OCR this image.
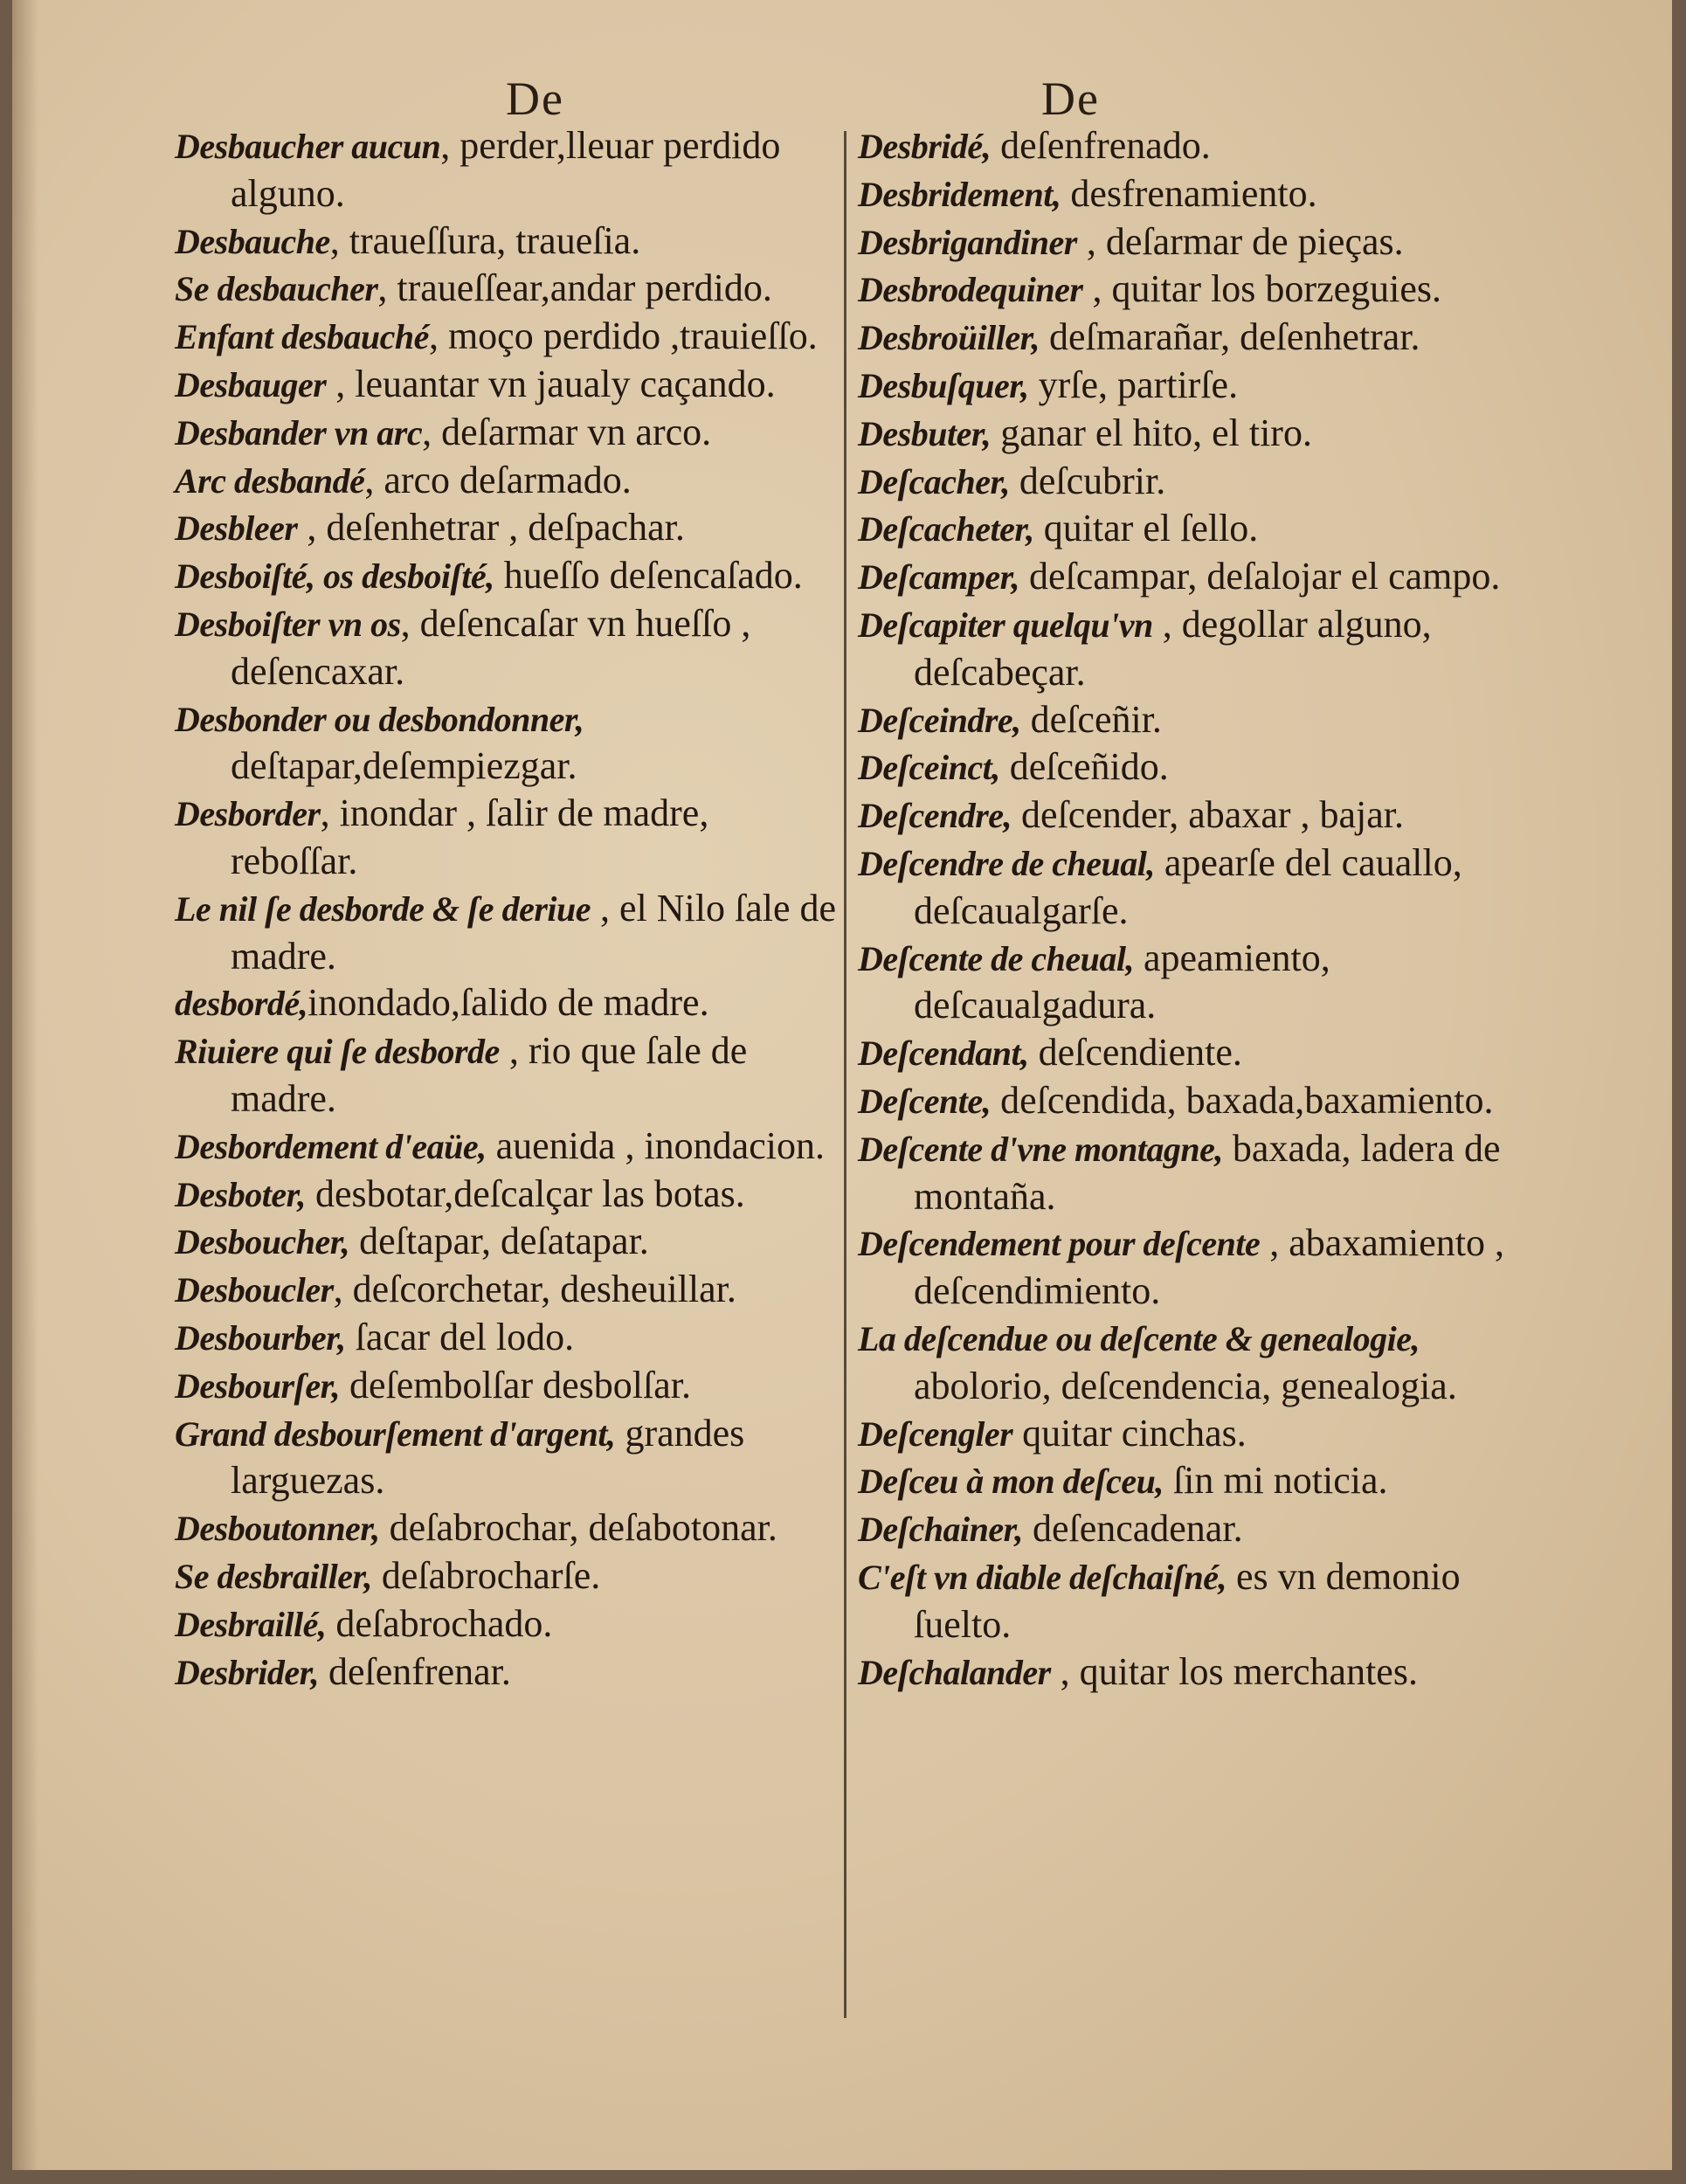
De	De

Desbaucher aucun, perder,lleuar perdido alguno.

Desbauche, traueſſura, traueſia.

Se desbaucher, traueſſear,andar perdido.

Enfant desbauché, moço perdido ,trauieſſo.

Desbauger , leuantar vn jaualy caçando.

Desbander vn arc, deſarmar vn arco.

Arc desbandé, arco deſarmado.

Desbleer , deſenhetrar , deſpachar.

Desboiſté, os desboiſté, hueſſo deſencaſado.

Desboiſter vn os, deſencaſar vn hueſſo , deſencaxar.

Desbonder ou desbondonner, deſtapar,deſempiezgar.

Desborder, inondar , ſalir de madre, reboſſar.

Le nil ſe desborde & ſe deriue , el Nilo ſale de madre.

desbordé,inondado,ſalido de madre.

Riuiere qui ſe desborde , rio que ſale de madre.

Desbordement d'eaüe, auenida , inondacion.

Desboter, desbotar,deſcalçar las botas.

Desboucher, deſtapar, deſatapar.

Desboucler, deſcorchetar, desheuillar.

Desbourber, ſacar del lodo.

Desbourſer, deſembolſar desbolſar.

Grand desbourſement d'argent, grandes larguezas.

Desboutonner, deſabrochar, deſabotonar.

Se desbrailler, deſabrocharſe.

Desbraillé, deſabrochado.

Desbrider, deſenfrenar.

Desbridé, deſenfrenado.

Desbridement, desfrenamiento.

Desbrigandiner , deſarmar de pieças.

Desbrodequiner , quitar los borzeguies.

Desbroüiller, deſmarañar, deſenhetrar.

Desbuſquer, yrſe, partirſe.

Desbuter, ganar el hito, el tiro.

Deſcacher, deſcubrir.

Deſcacheter, quitar el ſello.

Deſcamper, deſcampar, deſalojar el campo.

Deſcapiter quelqu'vn , degollar alguno, deſcabeçar.

Deſceindre, deſceñir.

Deſceinct, deſceñido.

Deſcendre, deſcender, abaxar , bajar.

Deſcendre de cheual, apearſe del cauallo, deſcaualgarſe.

Deſcente de cheual, apeamiento, deſcaualgadura.

Deſcendant, deſcendiente.

Deſcente, deſcendida, baxada,baxamiento.

Deſcente d'vne montagne, baxada, ladera de montaña.

Deſcendement pour deſcente , abaxamiento , deſcendimiento.

La deſcendue ou deſcente & genealogie, abolorio, deſcendencia, genealogia.

Deſcengler quitar cinchas.

Deſceu à mon deſceu, ſin mi noticia.

Deſchainer, deſencadenar.

C'eſt vn diable deſchaiſné, es vn demonio ſuelto.

Deſchalander , quitar los merchantes.
